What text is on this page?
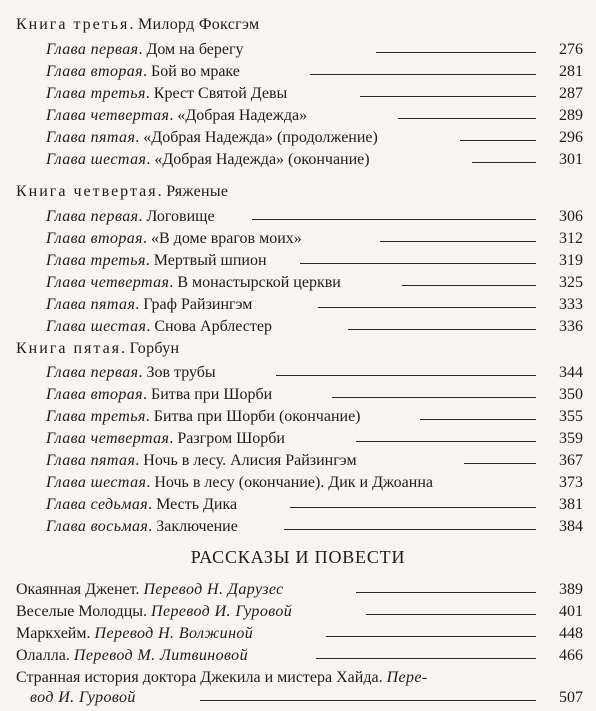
Книга третья. Милорд Фоксгэм
Глава первая. Дом на берегу	276
Глава вторая. Бой во мраке	281
Глава третья. Крест Святой Девы	287
Глава четвертая. «Добрая Надежда»	289
Глава пятая. «Добрая Надежда» (продолжение)	296
Глава шестая. «Добрая Надежда» (окончание)	301
Книга четвертая. Ряженые
Глава первая. Логовище	306
Глава вторая. «В доме врагов моих»	312
Глава третья. Мертвый шпион	319
Глава четвертая. В монастырской церкви	325
Глава пятая. Граф Райзингэм	333
Глава шестая. Снова Арблестер	336
Книга пятая. Горбун
Глава первая. Зов трубы	344
Глава вторая. Битва при Шорби	350
Глава третья. Битва при Шорби (окончание)	355
Глава четвертая. Разгром Шорби	359
Глава пятая. Ночь в лесу. Алисия Райзингэм	367
Глава шестая. Ночь в лесу (окончание). Дик и Джоанна	373
Глава седьмая. Месть Дика	381
Глава восьмая. Заключение	384
РАССКАЗЫ И ПОВЕСТИ
Окаянная Дженет. Перевод Н. Дарузес	389
Веселые Молодцы. Перевод И. Гуровой	401
Маркхейм. Перевод Н. Волжиной	448
Олалла. Перевод М. Литвиновой	466
Странная история доктора Джекила и мистера Хайда. Пере-
вод И. Гуровой	507
